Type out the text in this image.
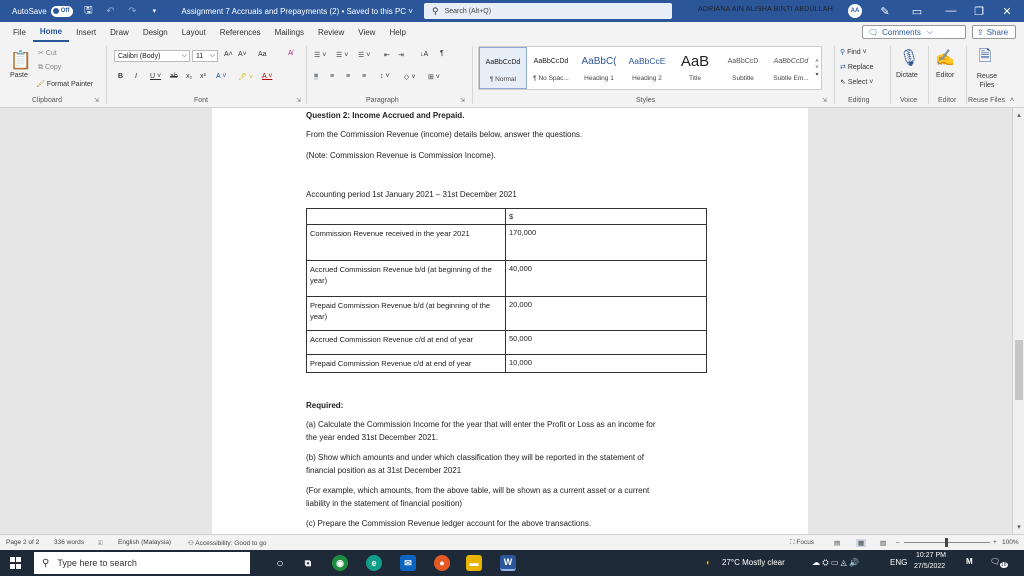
AutoSave Off 🖫 ↶ ↷	▾	Assignment 7 Accruals and Prepayments (2) • Saved to this PC ˅ ⚲ Search (Alt+Q)	ADRIANA AIN ALISHA BINTI ABDULLAH	AA	✎	▭	—	❐	✕
File	Home	Insert	Draw	Design	Layout	References	Mailings	Review	View	Help	🗨 Comments ⌵	⇪ Share
📋
Paste
✂ Cut
⧉ Copy
🖌 Format Painter
Clipboard	⇲
Calibri (Body)	⌵ 11 ⌵ A˄ A˅ Aa	A̸
B I U ˅ ab x₂ x² A ˅ 🖊 ˅ A ˅
Font	⇲
☰ ˅ ☰ ˅ ☰ ˅ ⇤ ⇥ ↓A ¶
≡ ≡ ≡ ≡ ↕ ˅ ◇ ˅ ⊞ ˅
Paragraph	⇲
AaBbCcDd
¶ Normal
AaBbCcDd
¶ No Spac...
AaBbC(
Heading 1
AaBbCcE
Heading 2
AaB
Title
AaBbCcD
Subtitle
AaBbCcDd
Subtle Em...
˄
˅
▾
Styles	⇲
⚲ Find ˅
⇄ Replace
⇖ Select ˅
Editing
🎙
Dictate
Voice
✍
Editor
Editor
🗎
Reuse Files
Reuse Files ˄
Question 2: Income Accrued and Prepaid.
From the Commission Revenue (income) details below, answer the questions.
(Note: Commission Revenue is Commission Income).
Accounting period 1st January 2021 – 31st December 2021
	$
Commission Revenue received in the year 2021	170,000
Accrued Commission Revenue b/d (at beginning of the year)	40,000
Prepaid Commission Revenue b/d (at beginning of the year)	20,000
Accrued Commission Revenue c/d at end of year	50,000
Prepaid Commission Revenue c/d at end of year	10,000
Required:
(a) Calculate the Commission Income for the year that will enter the Profit or Loss as an income for
the year ended 31st December 2021.
(b) Show which amounts and under which classification they will be reported in the statement of
financial position as at 31st December 2021
(For example, which amounts, from the above table, will be shown as a current asset or a current
liability in the statement of financial position)
(c) Prepare the Commission Revenue ledger account for the above transactions.
▴
▾
Page 2 of 2 336 words 🗉 English (Malaysia)	⚇ Accessibility: Good to go	⛶ Focus	▤	▦	▧ –	+ 100%
⚲ Type here to search	○	⧉	◉	e	✉	●	▬	W	◐ 27°C Mostly clear	☁ ⛭ ▭ ◬ 🔊	ENG
10:27 PM
27/5/2022
M 🗨 18
